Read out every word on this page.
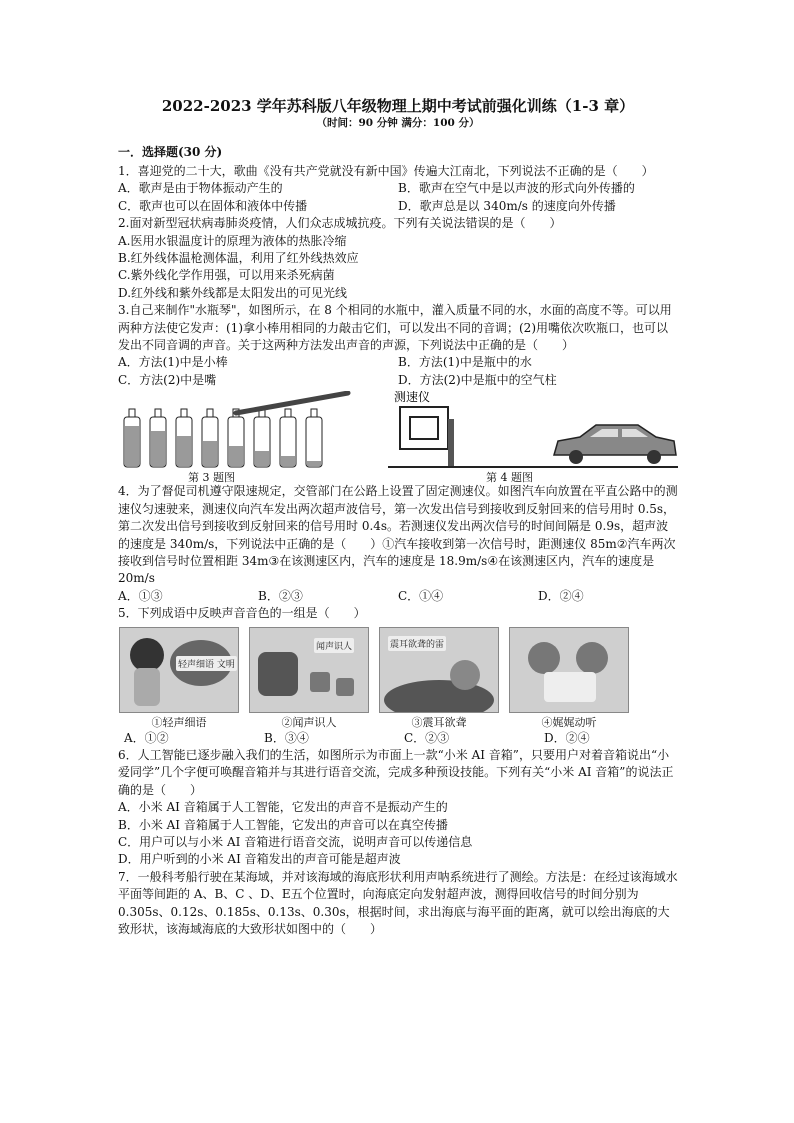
2022-2023 学年苏科版八年级物理上期中考试前强化训练（1-3 章）
（时间：90 分钟 满分：100 分）
一．选择题(30 分)

1．喜迎党的二十大，歌曲《没有共产党就没有新中国》传遍大江南北，下列说法不正确的是（　　）

A．歌声是由于物体振动产生的	B．歌声在空气中是以声波的形式向外传播的
C．歌声也可以在固体和液体中传播	D．歌声总是以 340m/s 的速度向外传播

2.面对新型冠状病毒肺炎疫情，人们众志成城抗疫。下列有关说法错误的是（　　）

A.医用水银温度计的原理为液体的热胀冷缩

B.红外线体温枪测体温，利用了红外线热效应

C.紫外线化学作用强，可以用来杀死病菌

D.红外线和紫外线都是太阳发出的可见光线

3.自己来制作"水瓶琴"，如图所示，在 8 个相同的水瓶中，灌入质量不同的水，水面的高度不等。可以用两种方法使它发声：(1)拿小棒用相同的力敲击它们，可以发出不同的音调；(2)用嘴依次吹瓶口，也可以发出不同音调的声音。关于这两种方法发出声音的声源，下列说法中正确的是（　　）

A．方法(1)中是小棒	B．方法(1)中是瓶中的水
C．方法(2)中是嘴	D．方法(2)中是瓶中的空气柱
测速仪
第 3 题图	第 4 题图

4．为了督促司机遵守限速规定，交管部门在公路上设置了固定测速仪。如图汽车向放置在平直公路中的测速仪匀速驶来，测速仪向汽车发出两次超声波信号，第一次发出信号到接收到反射回来的信号用时 0.5s，第二次发出信号到接收到反射回来的信号用时 0.4s。若测速仪发出两次信号的时间间隔是 0.9s，超声波的速度是 340m/s，下列说法中正确的是（　　）①汽车接收到第一次信号时，距测速仪 85m②汽车两次接收到信号时位置相距 34m③在该测速区内，汽车的速度是 18.9m/s④在该测速区内，汽车的速度是 20m/s

A．①③	B．②③	C．①④	D．②④

5．下列成语中反映声音音色的一组是（　　）

轻声细语 文明
①轻声细语
闻声识人
②闻声识人
震耳欲聋的雷
③震耳欲聋	④娓娓动听
A．①②	B．③④	C．②③	D．②④

6．人工智能已逐步融入我们的生活，如图所示为市面上一款“小米 AI 音箱”，只要用户对着音箱说出“小爱同学”几个字便可唤醒音箱并与其进行语音交流，完成多种预设技能。下列有关“小米 AI 音箱”的说法正确的是（　　）

A．小米 AI 音箱属于人工智能，它发出的声音不是振动产生的

B．小米 AI 音箱属于人工智能，它发出的声音可以在真空传播

C．用户可以与小米 AI 音箱进行语音交流，说明声音可以传递信息

D．用户听到的小米 AI 音箱发出的声音可能是超声波

7．一般科考船行驶在某海域，并对该海域的海底形状利用声呐系统进行了测绘。方法是：在经过该海域水平面等间距的 A、B、C 、D、E五个位置时，向海底定向发射超声波，测得回收信号的时间分别为 0.305s、0.12s、0.185s、0.13s、0.30s，根据时间，求出海底与海平面的距离，就可以绘出海底的大致形状，该海域海底的大致形状如图中的（　　）
